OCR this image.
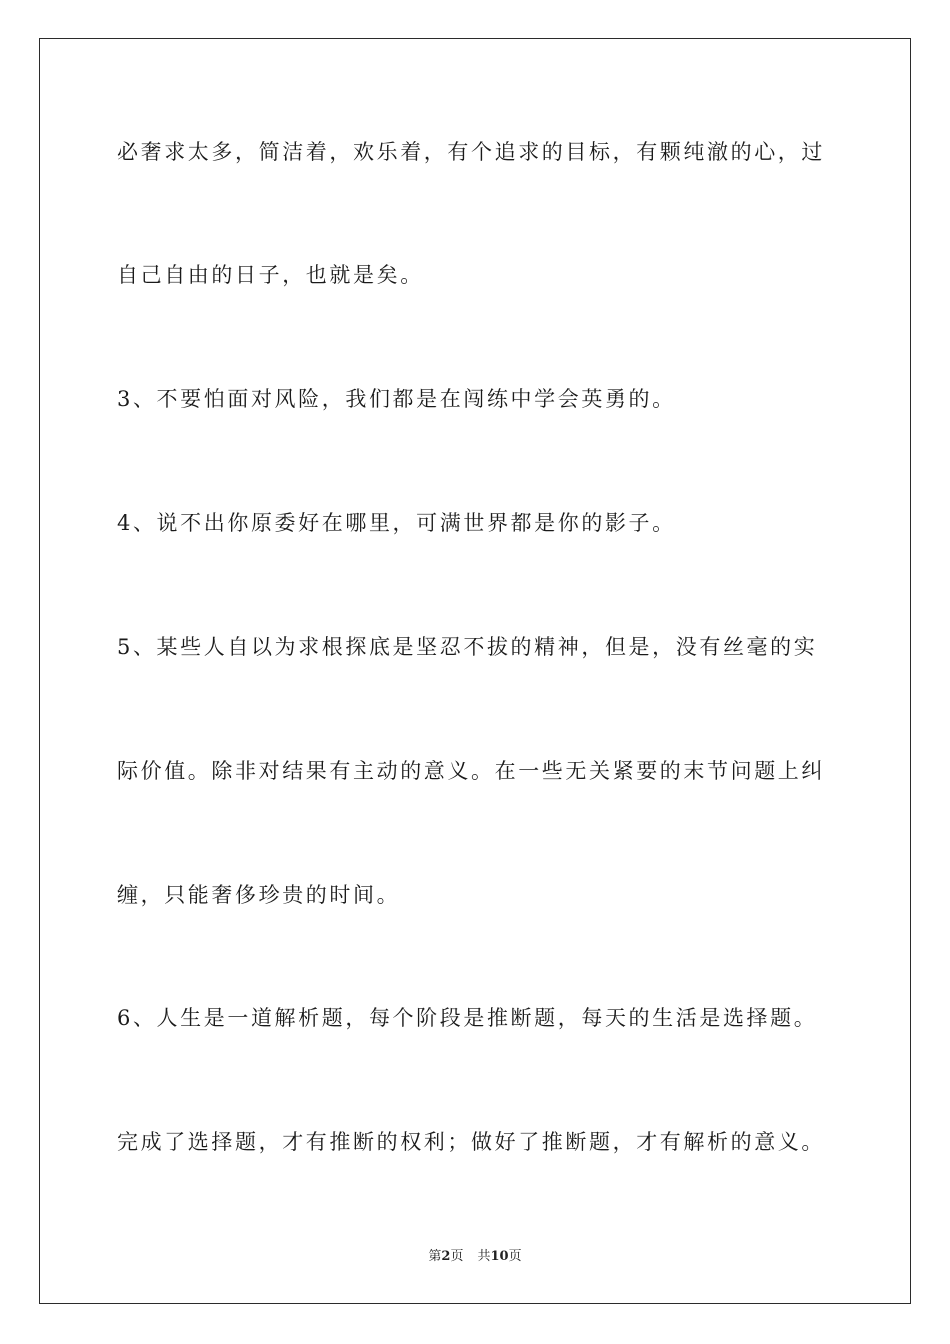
必奢求太多，简洁着，欢乐着，有个追求的目标，有颗纯澈的心，过
自己自由的日子，也就是矣。
3、不要怕面对风险，我们都是在闯练中学会英勇的。
4、说不出你原委好在哪里，可满世界都是你的影子。
5、某些人自以为求根探底是坚忍不拔的精神，但是，没有丝毫的实
际价值。除非对结果有主动的意义。在一些无关紧要的末节问题上纠
缠，只能奢侈珍贵的时间。
6、人生是一道解析题，每个阶段是推断题，每天的生活是选择题。
完成了选择题，才有推断的权利；做好了推断题，才有解析的意义。
第2页 共10页
